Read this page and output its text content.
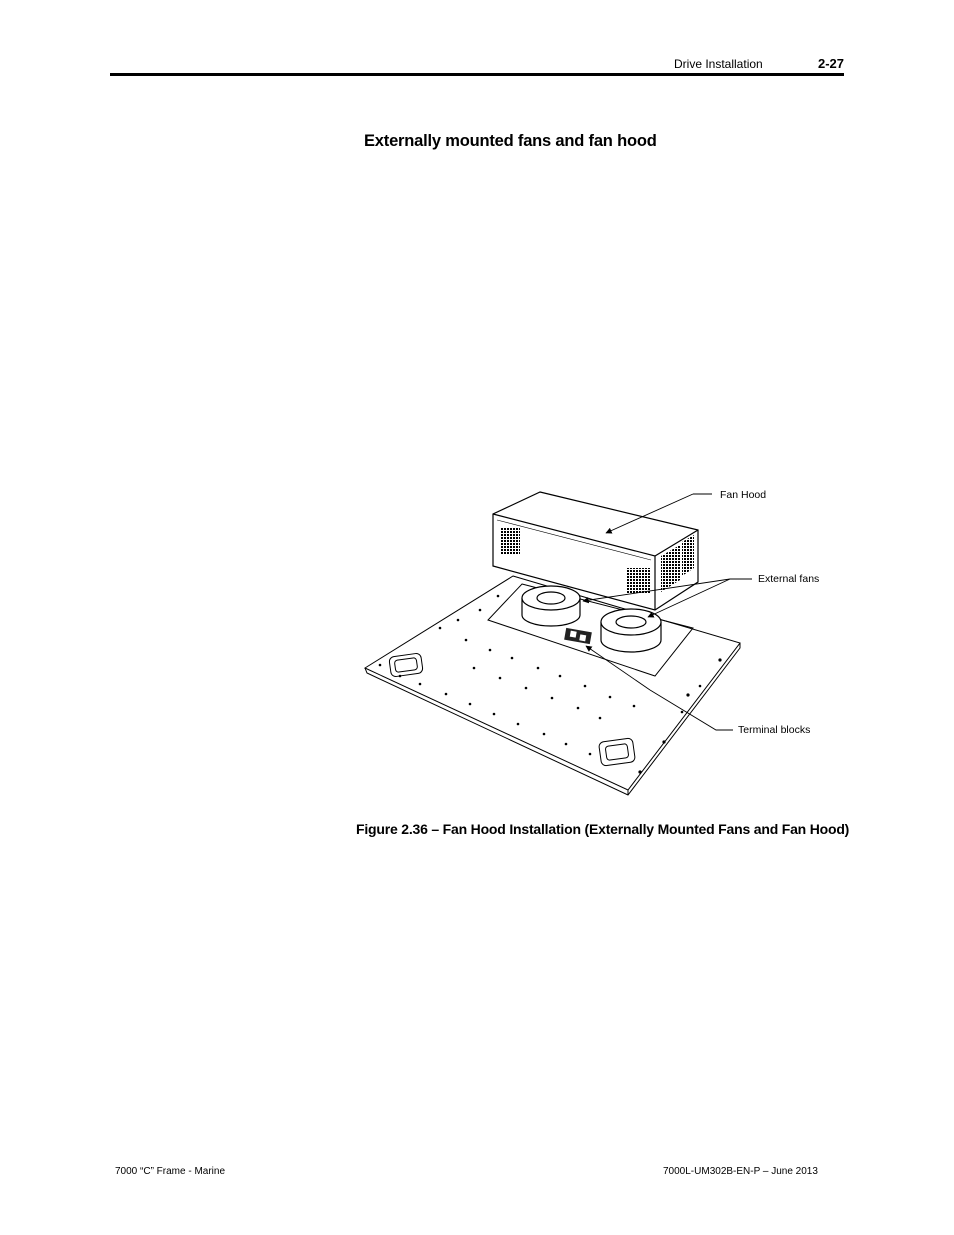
Drive Installation	2-27
Externally mounted fans and fan hood
Fan Hood
External fans
Terminal blocks
Figure 2.36 – Fan Hood Installation (Externally Mounted Fans and Fan Hood)
7000 “C” Frame - Marine	7000L-UM302B-EN-P – June 2013
